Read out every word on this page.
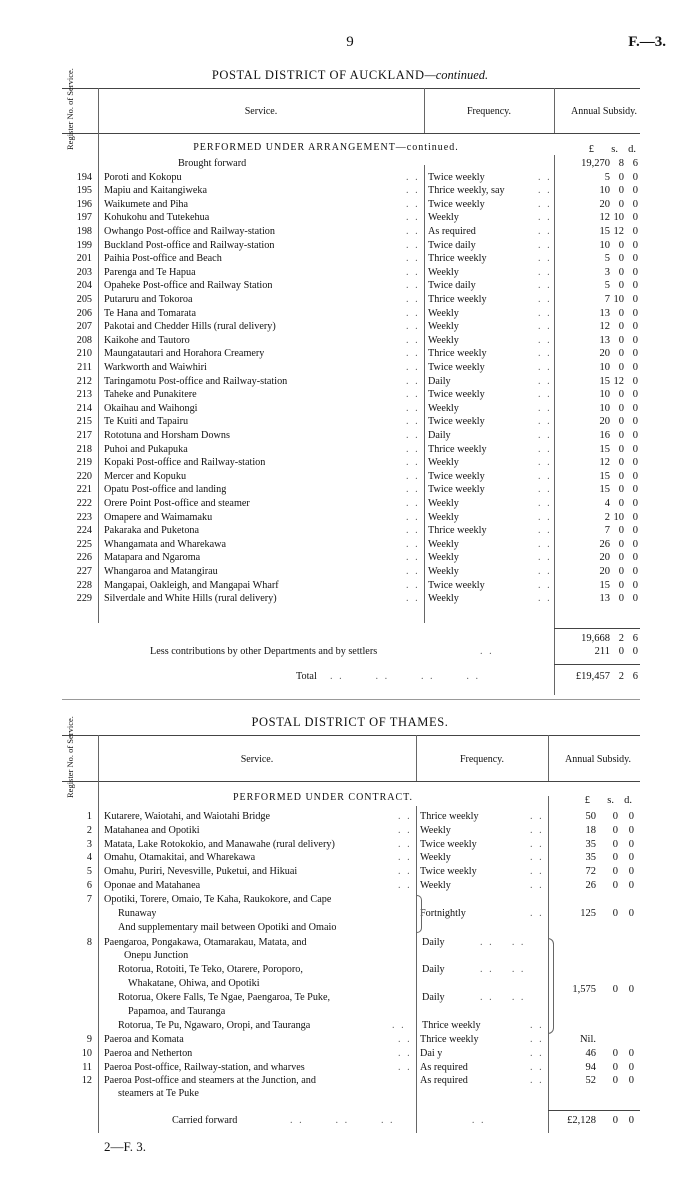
9	F.—3.
POSTAL DISTRICT OF AUCKLAND—continued.
Register No. of Service.	Service.	Frequency.	Annual Subsidy.
PERFORMED UNDER ARRANGEMENT—continued.	£ s. d.
Brought forward	19,270 8 6
194 Poroti and Kokopu	. . Twice weekly	. .	5 0 0
195 Mapiu and Kaitangiweka	. . Thrice weekly, say	. .	10 0 0
196 Waikumete and Piha	. . Twice weekly	. .	20 0 0
197 Kohukohu and Tutekehua	. . Weekly	. .	12 10 0
198 Owhango Post-office and Railway-station	. . As required	. .	15 12 0
199 Buckland Post-office and Railway-station	. . Twice daily	. .	10 0 0
201 Paihia Post-office and Beach	. . Thrice weekly	. .	5 0 0
203 Parenga and Te Hapua	. . Weekly	. .	3 0 0
204 Opaheke Post-office and Railway Station	. . Twice daily	. .	5 0 0
205 Putaruru and Tokoroa	. . Thrice weekly	. .	7 10 0
206 Te Hana and Tomarata	. . Weekly	. .	13 0 0
207 Pakotai and Chedder Hills (rural delivery)	. . Weekly	. .	12 0 0
208 Kaikohe and Tautoro	. . Weekly	. .	13 0 0
210 Maungatautari and Horahora Creamery	. . Thrice weekly	. .	20 0 0
211 Warkworth and Waiwhiri	. . Twice weekly	. .	10 0 0
212 Taringamotu Post-office and Railway-station	. . Daily	. .	15 12 0
213 Taheke and Punakitere	. . Twice weekly	. .	10 0 0
214 Okaihau and Waihongi	. . Weekly	. .	10 0 0
215 Te Kuiti and Tapairu	. . Twice weekly	. .	20 0 0
217 Rototuna and Horsham Downs	. . Daily	. .	16 0 0
218 Puhoi and Pukapuka	. . Thrice weekly	. .	15 0 0
219 Kopaki Post-office and Railway-station	. . Weekly	. .	12 0 0
220 Mercer and Kopuku	. . Twice weekly	. .	15 0 0
221 Opatu Post-office and landing	. . Twice weekly	. .	15 0 0
222 Orere Point Post-office and steamer	. . Weekly	. .	4 0 0
223 Omapere and Waimamaku	. . Weekly	. .	2 10 0
224 Pakaraka and Puketona	. . Thrice weekly	. .	7 0 0
225 Whangamata and Wharekawa	. . Weekly	. .	26 0 0
226 Matapara and Ngaroma	. . Weekly	. .	20 0 0
227 Whangaroa and Matangirau	. . Weekly	. .	20 0 0
228 Mangapai, Oakleigh, and Mangapai Wharf	. . Twice weekly	. .	15 0 0
229 Silverdale and White Hills (rural delivery)	. . Weekly	. .	13 0 0
19,668 2 6
Less contributions by other Departments and by settlers	. .	211 0 0
Total . .       . .       . .       . .	£19,457 2 6
POSTAL DISTRICT OF THAMES.
Register No. of Service.	Service.	Frequency.	Annual Subsidy.
PERFORMED UNDER CONTRACT.	£ s. d.
1 Kutarere, Waiotahi, and Waiotahi Bridge	. . Thrice weekly	. .	50 0 0
2 Matahanea and Opotiki	. . Weekly	. .	18 0 0
3 Matata, Lake Rotokokio, and Manawahe (rural delivery)	. . Twice weekly	. .	35 0 0
4 Omahu, Otamakitai, and Wharekawa	. . Weekly	. .	35 0 0
5 Omahu, Puriri, Nevesville, Puketui, and Hikuai	. . Twice weekly	. .	72 0 0
6 Oponae and Matahanea	. . Weekly	. .	26 0 0
7 Opotiki, Torere, Omaio, Te Kaha, Raukokore, and Cape
Runaway	Fortnightly	. .	125 0 0
And supplementary mail between Opotiki and Omaio
8 Paengaroa, Pongakawa, Otamarakau, Matata, and	Daily	. .    . .
Onepu Junction
Rotorua, Rotoiti, Te Teko, Otarere, Poroporo,	Daily	. .    . .
Whakatane, Ohiwa, and Opotiki
1,575 0 0
Rotorua, Okere Falls, Te Ngae, Paengaroa, Te Puke,	Daily	. .    . .
Papamoa, and Tauranga
Rotorua, Te Pu, Ngawaro, Oropi, and Tauranga	. . Thrice weekly	. .
9 Paeroa and Komata	. . Thrice weekly	. .	Nil.
10 Paeroa and Netherton	. . Dai y	. .	46 0 0
11 Paeroa Post-office, Railway-station, and wharves	. . As required	. .	94 0 0
12 Paeroa Post-office and steamers at the Junction, and	As required	. .	52 0 0
steamers at Te Puke
Carried forward	. .       . .       . .                 . .	£2,128 0 0
2—F. 3.
